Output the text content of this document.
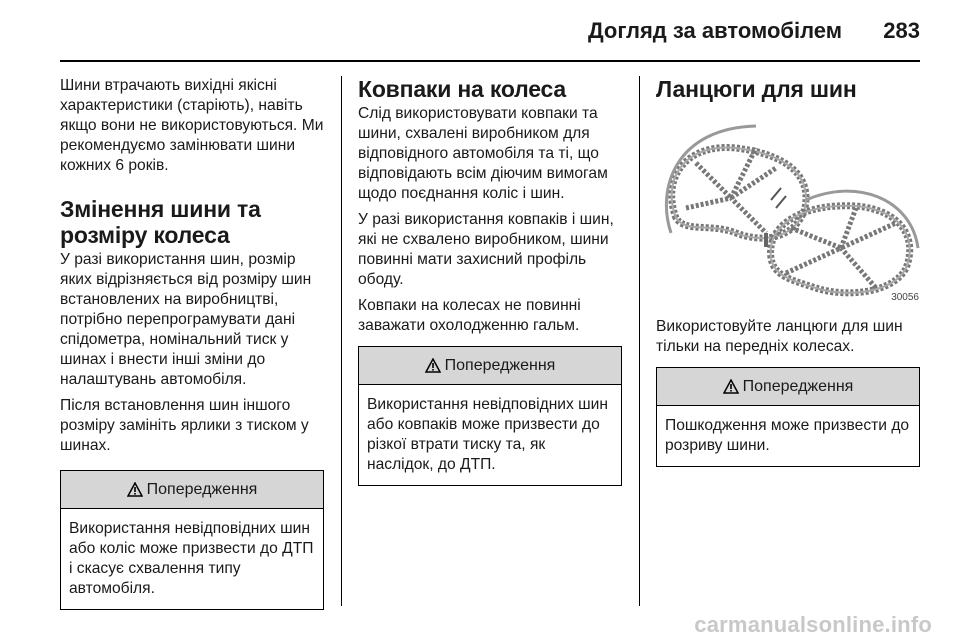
Догляд за автомобілем 283

Шини втрачають вихідні якісні характеристики (старіють), навіть якщо вони не використовуються. Ми рекомендуємо замінювати шини кожних 6 років.

Змінення шини та
розміру колеса

У разі використання шин, розмір яких відрізняється від розміру шин встановлених на виробництві, потрібно перепрограмувати дані спідометра, номінальний тиск у шинах і внести інші зміни до налаштувань автомобіля.

Після встановлення шин іншого розміру замініть ярлики з тиском у шинах.

Попередження
Використання невідповідних шин або коліс може призвести до ДТП і скасує схвалення типу автомобіля.
Ковпаки на колеса

Слід використовувати ковпаки та шини, схвалені виробником для відповідного автомобіля та ті, що відповідають всім діючим вимогам щодо поєднання коліс і шин.

У разі використання ковпаків і шин, які не схвалено виробником, шини повинні мати захисний профіль ободу.

Ковпаки на колесах не повинні заважати охолодженню гальм.

Попередження
Використання невідповідних шин або ковпаків може призвести до різкої втрати тиску та, як наслідок, до ДТП.
Ланцюги для шин
30056

Використовуйте ланцюги для шин тільки на передніх колесах.

Попередження
Пошкодження може призвести до розриву шини.
carmanualsonline.info
